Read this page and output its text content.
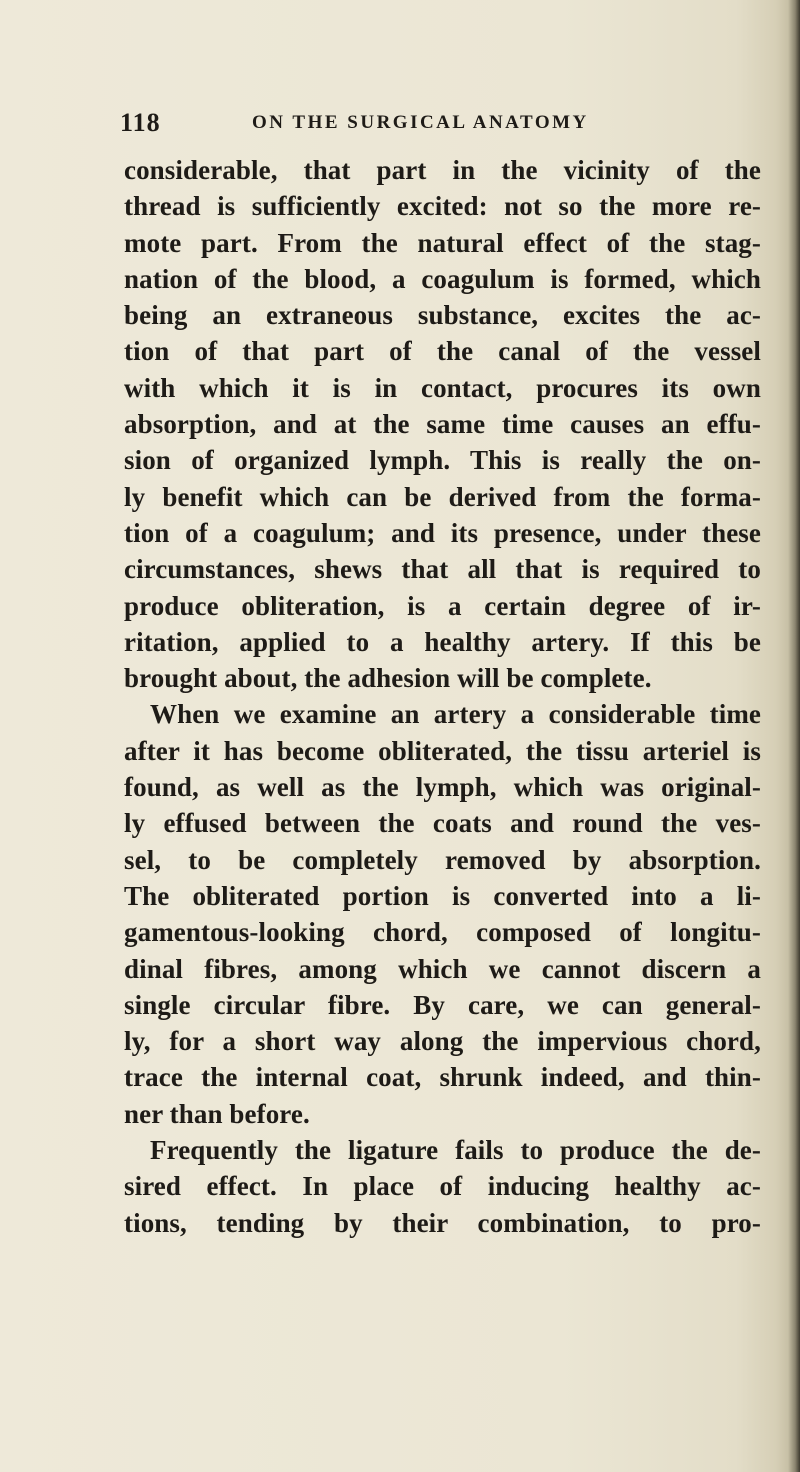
118	ON THE SURGICAL ANATOMY
considerable, that part in the vicinity of the
thread is sufficiently excited: not so the more re-
mote part. From the natural effect of the stag-
nation of the blood, a coagulum is formed, which
being an extraneous substance, excites the ac-
tion of that part of the canal of the vessel
with which it is in contact, procures its own
absorption, and at the same time causes an effu-
sion of organized lymph. This is really the on-
ly benefit which can be derived from the forma-
tion of a coagulum; and its presence, under these
circumstances, shews that all that is required to
produce obliteration, is a certain degree of ir-
ritation, applied to a healthy artery. If this be
brought about, the adhesion will be complete.
When we examine an artery a considerable time
after it has become obliterated, the tissu arteriel is
found, as well as the lymph, which was original-
ly effused between the coats and round the ves-
sel, to be completely removed by absorption.
The obliterated portion is converted into a li-
gamentous-looking chord, composed of longitu-
dinal fibres, among which we cannot discern a
single circular fibre. By care, we can general-
ly, for a short way along the impervious chord,
trace the internal coat, shrunk indeed, and thin-
ner than before.
Frequently the ligature fails to produce the de-
sired effect. In place of inducing healthy ac-
tions, tending by their combination, to pro-
